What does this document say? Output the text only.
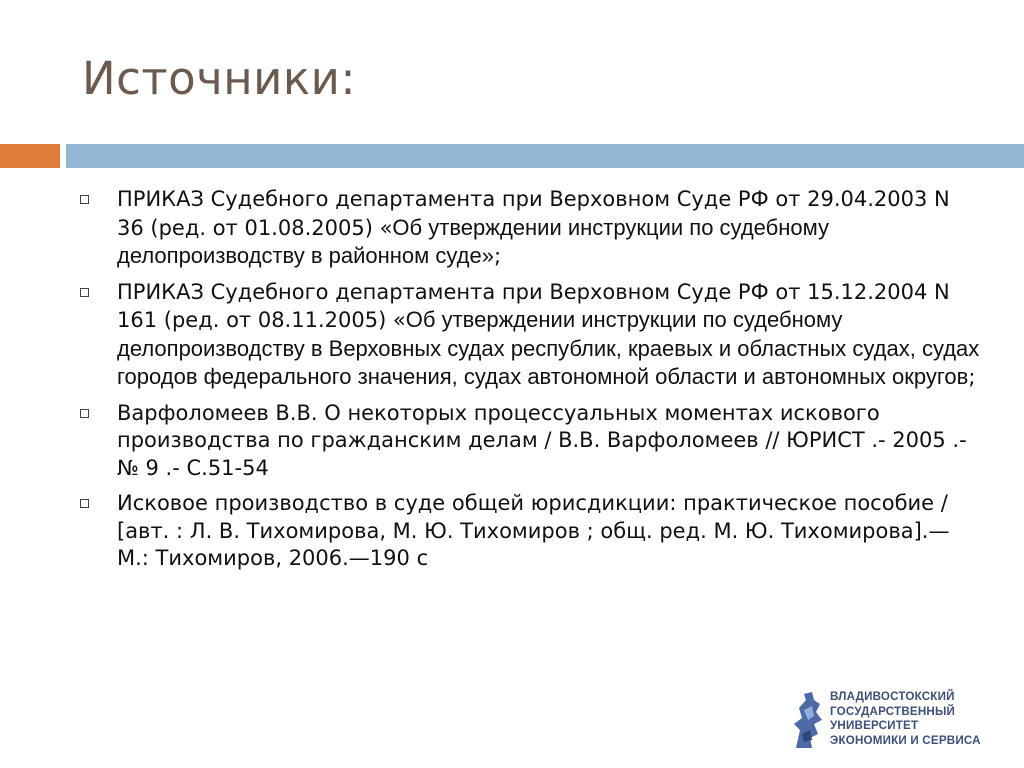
Источники:
ПРИКАЗ Судебного департамента при Верховном Суде РФ от 29.04.2003 N 36 (ред. от 01.08.2005) «Об утверждении инструкции по судебному делопроизводству в районном суде»;
ПРИКАЗ Судебного департамента при Верховном Суде РФ от 15.12.2004 N 161 (ред. от 08.11.2005) «Об утверждении инструкции по судебному делопроизводству в Верховных судах республик, краевых и областных судах, судах городов федерального значения, судах автономной области и автономных округов;
Варфоломеев В.В. О некоторых процессуальных моментах искового производства по гражданским делам / В.В. Варфоломеев // ЮРИСТ .- 2005 .- № 9 .- С.51-54
Исковое производство в суде общей юрисдикции: практическое пособие / [авт. : Л. В. Тихомирова, М. Ю. Тихомиров ; общ. ред. М. Ю. Тихомирова].—М.: Тихомиров, 2006.—190 с
ВЛАДИВОСТОКСКИЙ
ГОСУДАРСТВЕННЫЙ
УНИВЕРСИТЕТ
ЭКОНОМИКИ И СЕРВИСА
